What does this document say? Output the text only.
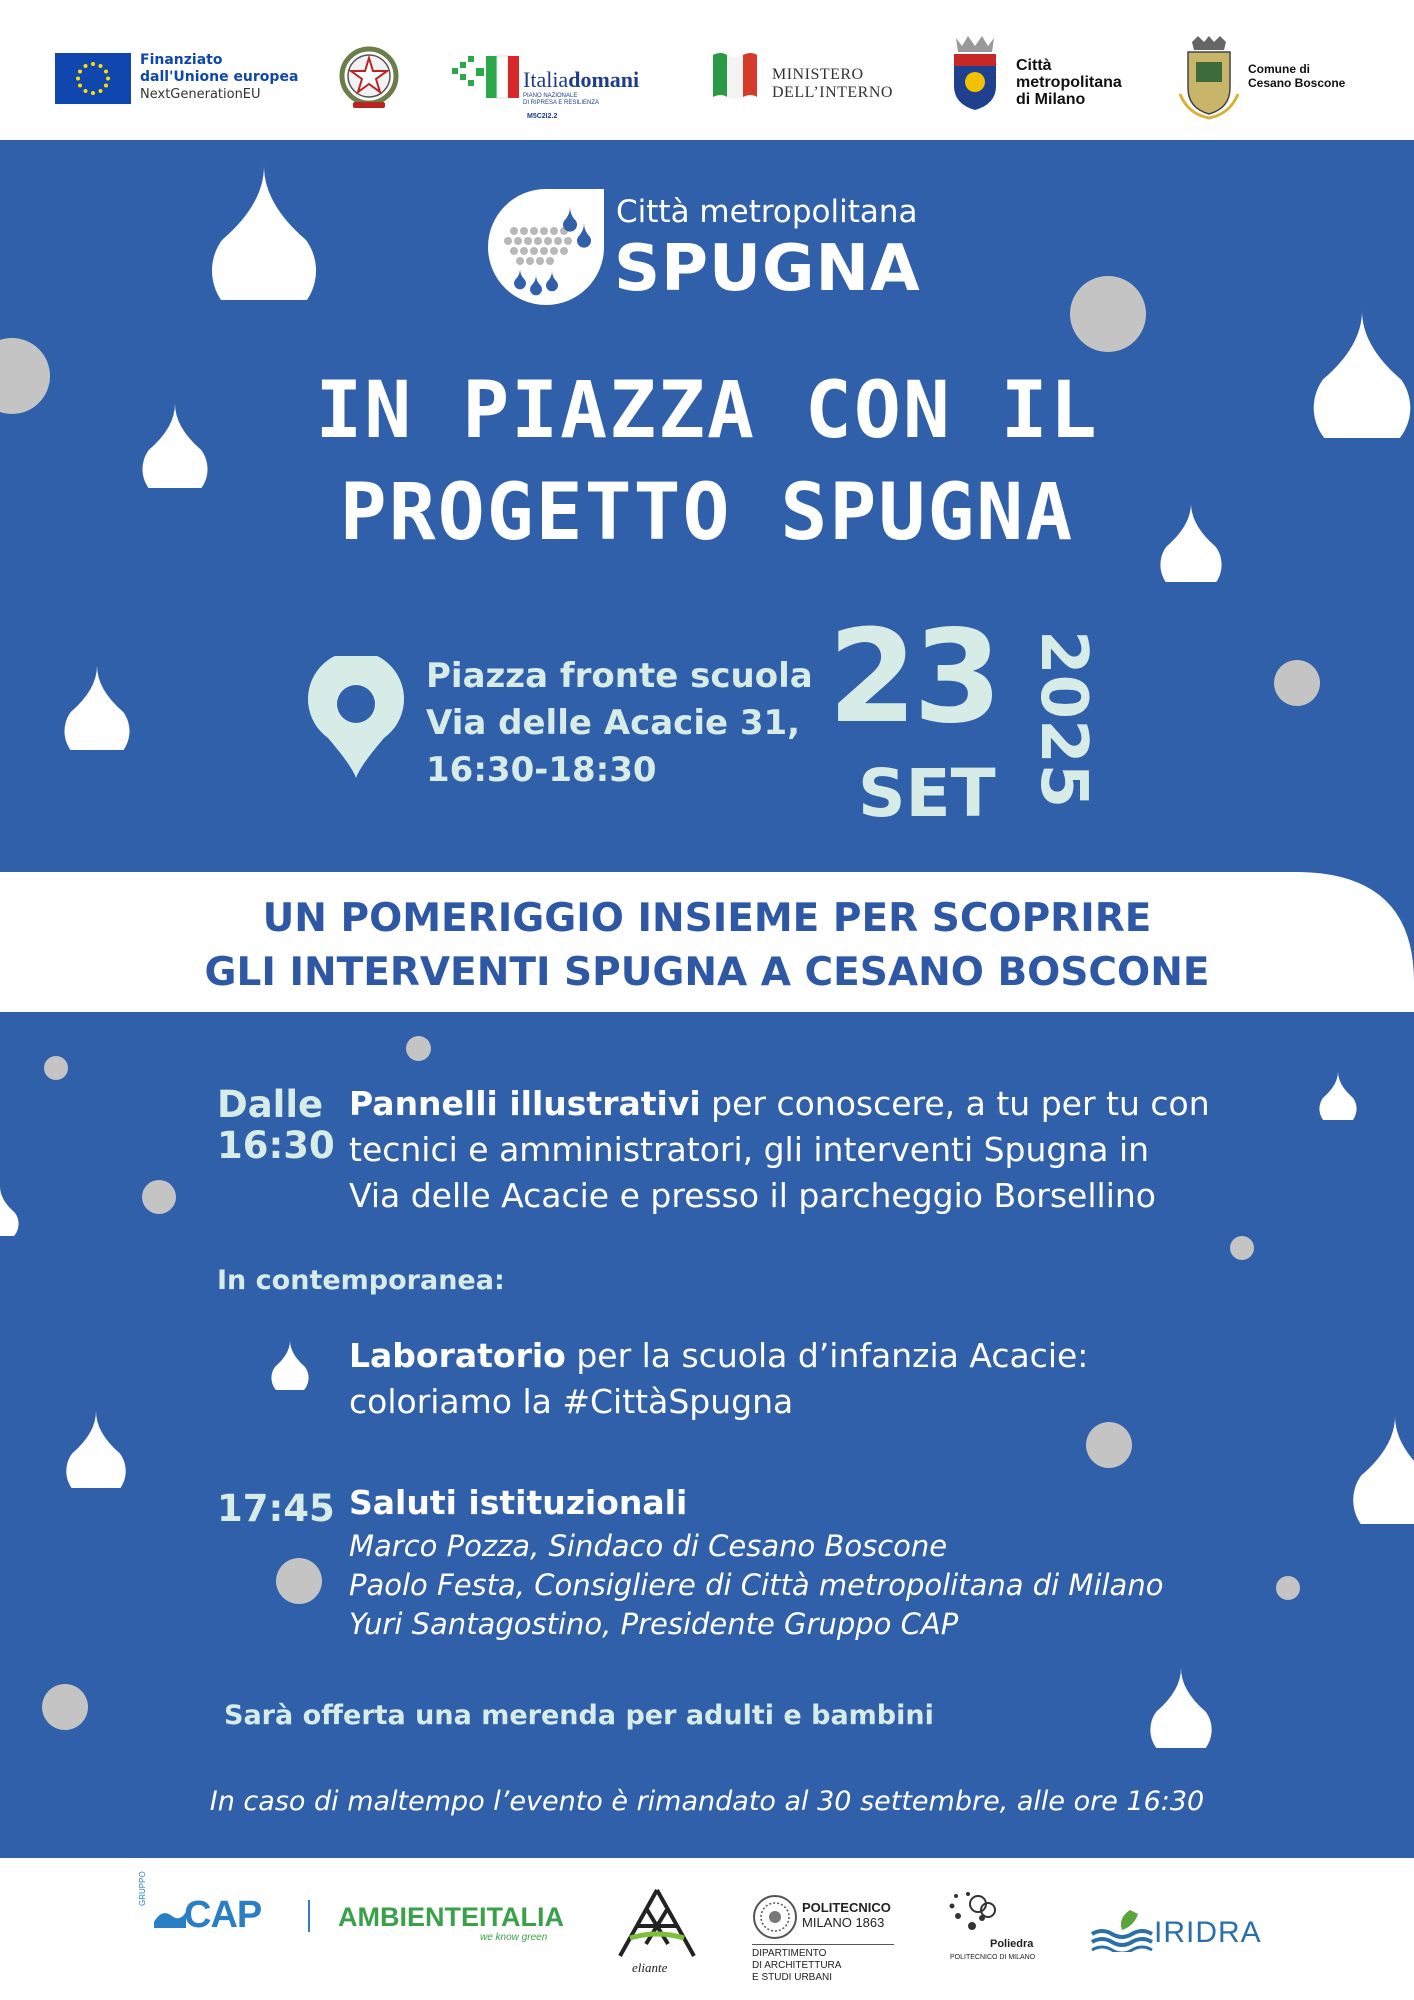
Finanziato
dall'Unione europea
NextGenerationEU
Italiadomani
PIANO NAZIONALE
DI RIPRESA E RESILIENZA
M5C2I2.2
MINISTERO
DELL’INTERNO
Città
metropolitana
di Milano
Comune di
Cesano Boscone
Città metropolitana
SPUGNA
IN PIAZZA CON IL
PROGETTO SPUGNA
Piazza fronte scuola
Via delle Acacie 31,
16:30-18:30
23
SET 2025
UN POMERIGGIO INSIEME PER SCOPRIRE
GLI INTERVENTI SPUGNA A CESANO BOSCONE
Dalle
16:30
Pannelli illustrativi per conoscere, a tu per tu con
tecnici e amministratori, gli interventi Spugna in
Via delle Acacie e presso il parcheggio Borsellino
In contemporanea:
Laboratorio per la scuola d’infanzia Acacie:
coloriamo la #CittàSpugna
17:45 Saluti istituzionali
Marco Pozza, Sindaco di Cesano Boscone
Paolo Festa, Consigliere di Città metropolitana di Milano
Yuri Santagostino, Presidente Gruppo CAP
Sarà offerta una merenda per adulti e bambini
In caso di maltempo l’evento è rimandato al 30 settembre, alle ore 16:30
GRUPPO
CAP	AMBIENTEITALIA
we know green
eliante
POLITECNICO
MILANO 1863
DIPARTIMENTO
DI ARCHITETTURA
E STUDI URBANI
Poliedra
POLITECNICO DI MILANO
IRIDRA
